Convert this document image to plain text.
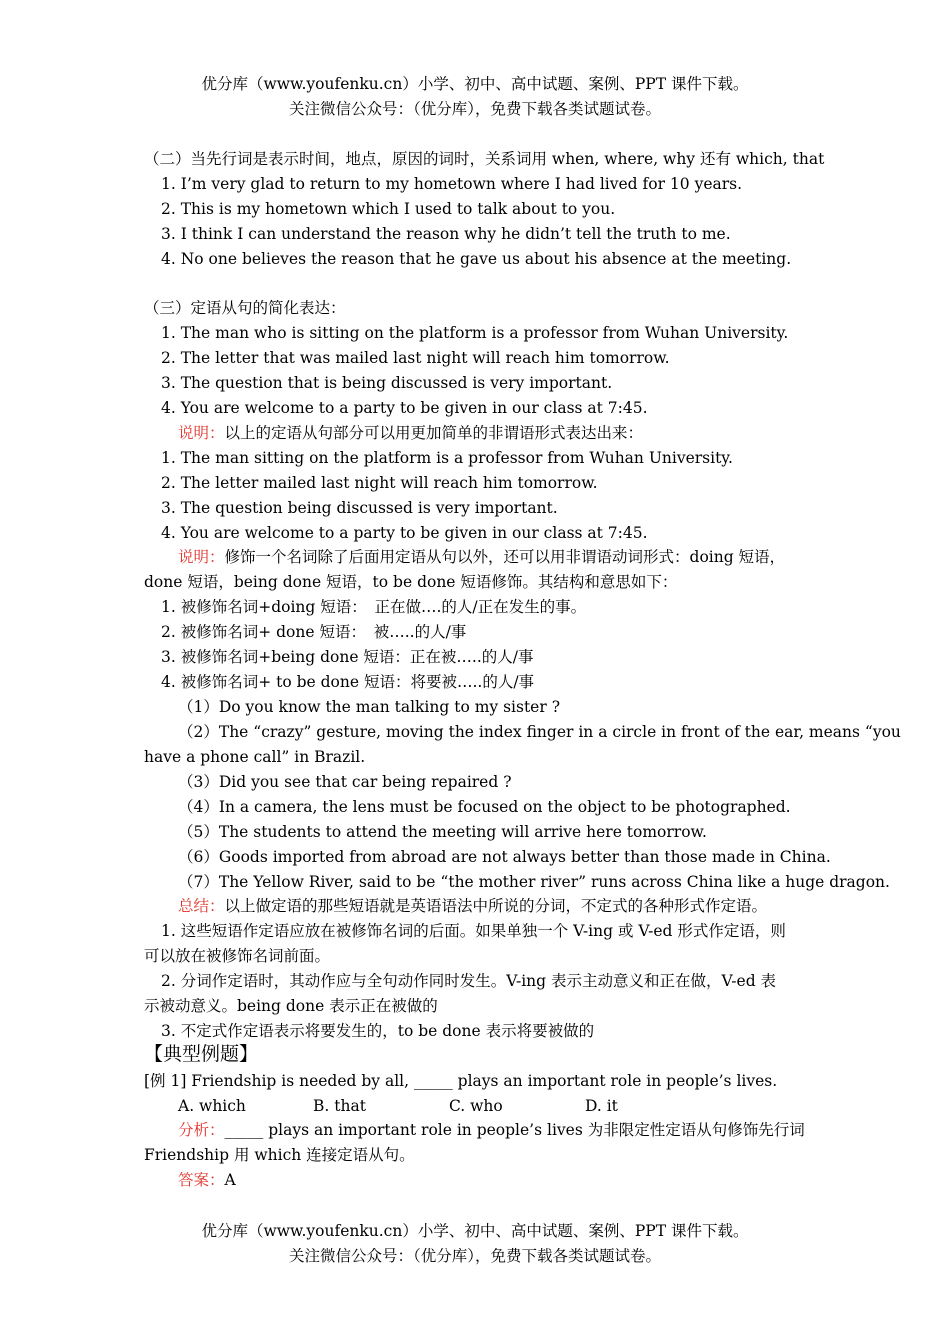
优分库（www.youfenku.cn）小学、初中、高中试题、案例、PPT 课件下载。
关注微信公众号：（优分库），免费下载各类试题试卷。
（二）当先行词是表示时间，地点，原因的词时，关系词用 when, where, why 还有 which, that
1. I’m very glad to return to my hometown where I had lived for 10 years.
2. This is my hometown which I used to talk about to you.
3. I think I can understand the reason why he didn’t tell the truth to me.
4. No one believes the reason that he gave us about his absence at the meeting.
（三）定语从句的简化表达：
1. The man who is sitting on the platform is a professor from Wuhan University.
2. The letter that was mailed last night will reach him tomorrow.
3. The question that is being discussed is very important.
4. You are welcome to a party to be given in our class at 7:45.
说明：以上的定语从句部分可以用更加简单的非谓语形式表达出来：
1. The man sitting on the platform is a professor from Wuhan University.
2. The letter mailed last night will reach him tomorrow.
3. The question being discussed is very important.
4. You are welcome to a party to be given in our class at 7:45.
说明：修饰一个名词除了后面用定语从句以外，还可以用非谓语动词形式：doing 短语，
done 短语，being done 短语，to be done 短语修饰。其结构和意思如下：
1. 被修饰名词+doing 短语：　正在做….的人/正在发生的事。
2. 被修饰名词+ done 短语：　被…..的人/事
3. 被修饰名词+being done 短语：正在被…..的人/事
4. 被修饰名词+ to be done 短语：将要被…..的人/事
（1）Do you know the man talking to my sister ?
（2）The “crazy” gesture, moving the index finger in a circle in front of the ear, means “you
have a phone call” in Brazil.
（3）Did you see that car being repaired ?
（4）In a camera, the lens must be focused on the object to be photographed.
（5）The students to attend the meeting will arrive here tomorrow.
（6）Goods imported from abroad are not always better than those made in China.
（7）The Yellow River, said to be “the mother river” runs across China like a huge dragon.
总结：以上做定语的那些短语就是英语语法中所说的分词，不定式的各种形式作定语。
1. 这些短语作定语应放在被修饰名词的后面。如果单独一个 V-ing 或 V-ed 形式作定语，则
可以放在被修饰名词前面。
2. 分词作定语时，其动作应与全句动作同时发生。V-ing 表示主动意义和正在做，V-ed 表
示被动意义。being done 表示正在被做的
3. 不定式作定语表示将要发生的，to be done 表示将要被做的
【典型例题】
[例 1] Friendship is needed by all, _____ plays an important role in people’s lives.
A. which	B. that	C. who	D. it
分析：_____ plays an important role in people’s lives 为非限定性定语从句修饰先行词
Friendship 用 which 连接定语从句。
答案：A
优分库（www.youfenku.cn）小学、初中、高中试题、案例、PPT 课件下载。
关注微信公众号：（优分库），免费下载各类试题试卷。
